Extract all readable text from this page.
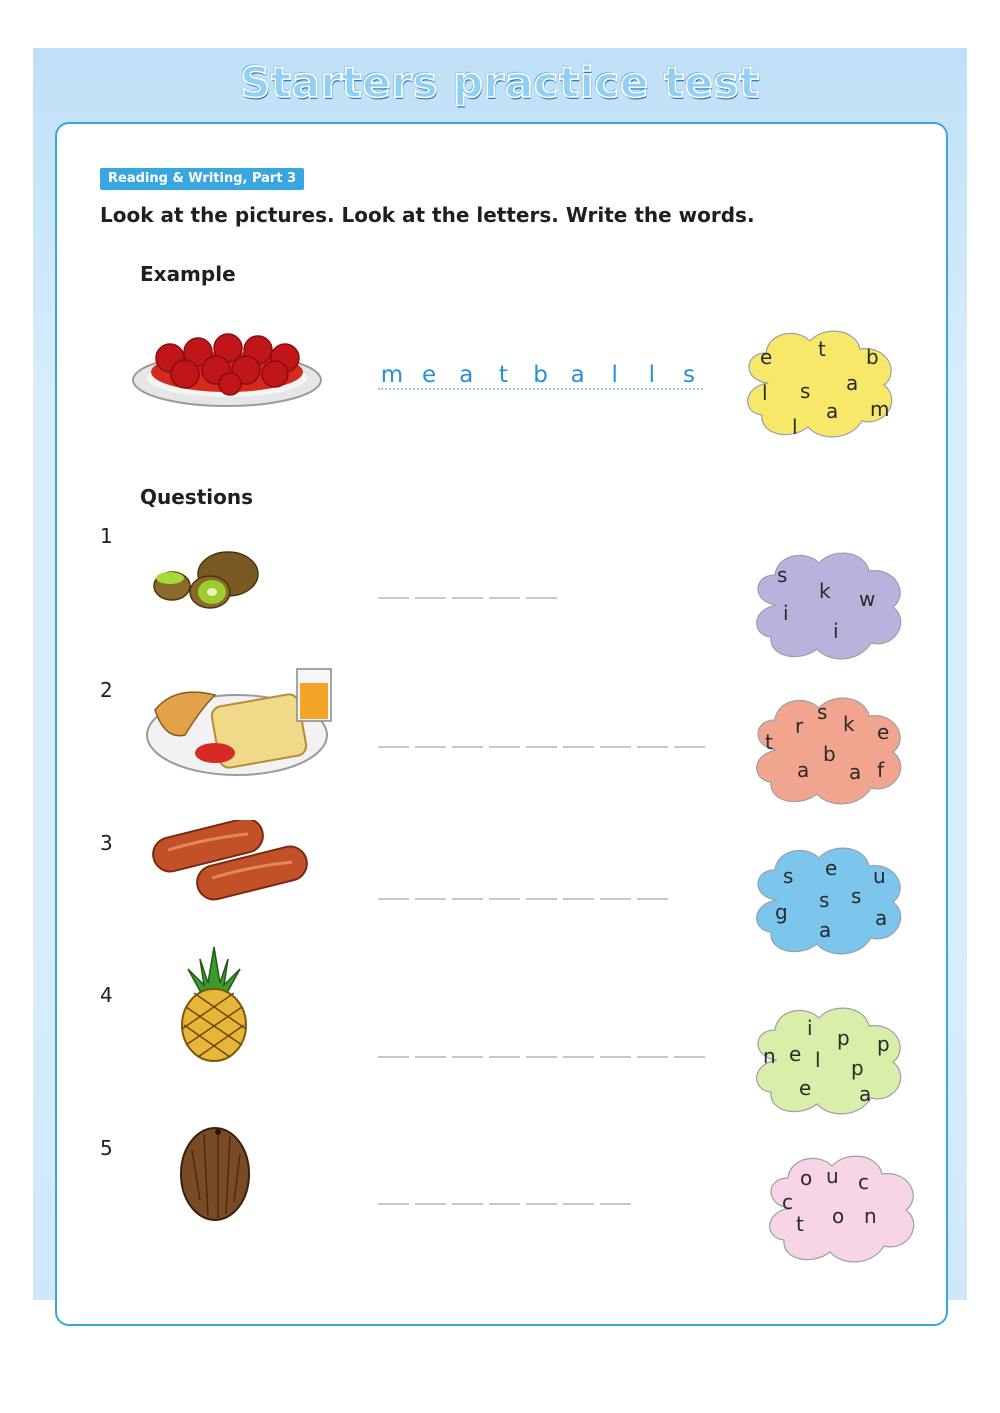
Starters practice test
Reading & Writing, Part 3
Look at the pictures. Look at the letters. Write the words.
Example
Questions
m e a	t	b a	l	l	s
e t b
l s a
a m
l
1
2
3
4
5
s
k w
i
i
s
r k e
t	b
a a f
s e u
s
s
g
a a
i p p
n e l p
e a
o u c
c
o
t	n
